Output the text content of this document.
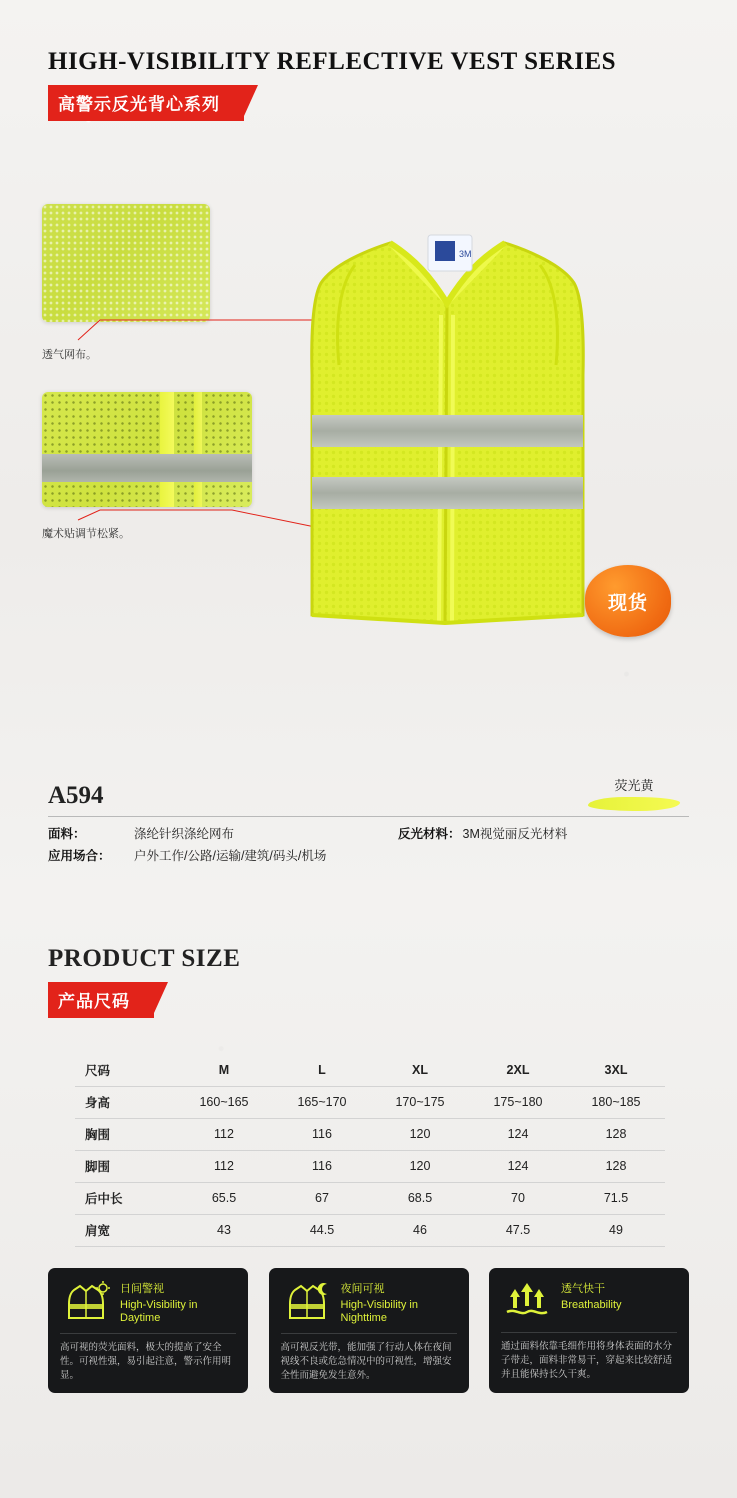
HIGH-VISIBILITY REFLECTIVE VEST SERIES
高警示反光背心系列
透气网布。
魔术贴调节松紧。
3M
现货
荧光黄
A594
面料：	涤纶针织涤纶网布	反光材料： 3M视觉丽反光材料
应用场合：	户外工作/公路/运输/建筑/码头/机场
PRODUCT SIZE
产品尺码
尺码	M	L	XL	2XL	3XL
身高	160~165	165~170	170~175	175~180	180~185
胸围	112	116	120	124	128
脚围	112	116	120	124	128
后中长	65.5	67	68.5	70	71.5
肩宽	43	44.5	46	47.5	49
日间警视
High-Visibility in Daytime
高可视的荧光面料，极大的提高了安全性。可视性强，易引起注意，警示作用明显。
夜间可视
High-Visibility in Nighttime
高可视反光带，能加强了行动人体在夜间视线不良或危急情况中的可视性，增强安全性而避免发生意外。
透气快干
Breathability
通过面料依靠毛细作用将身体表面的水分子带走，面料非常易干，穿起来比较舒适并且能保持长久干爽。
